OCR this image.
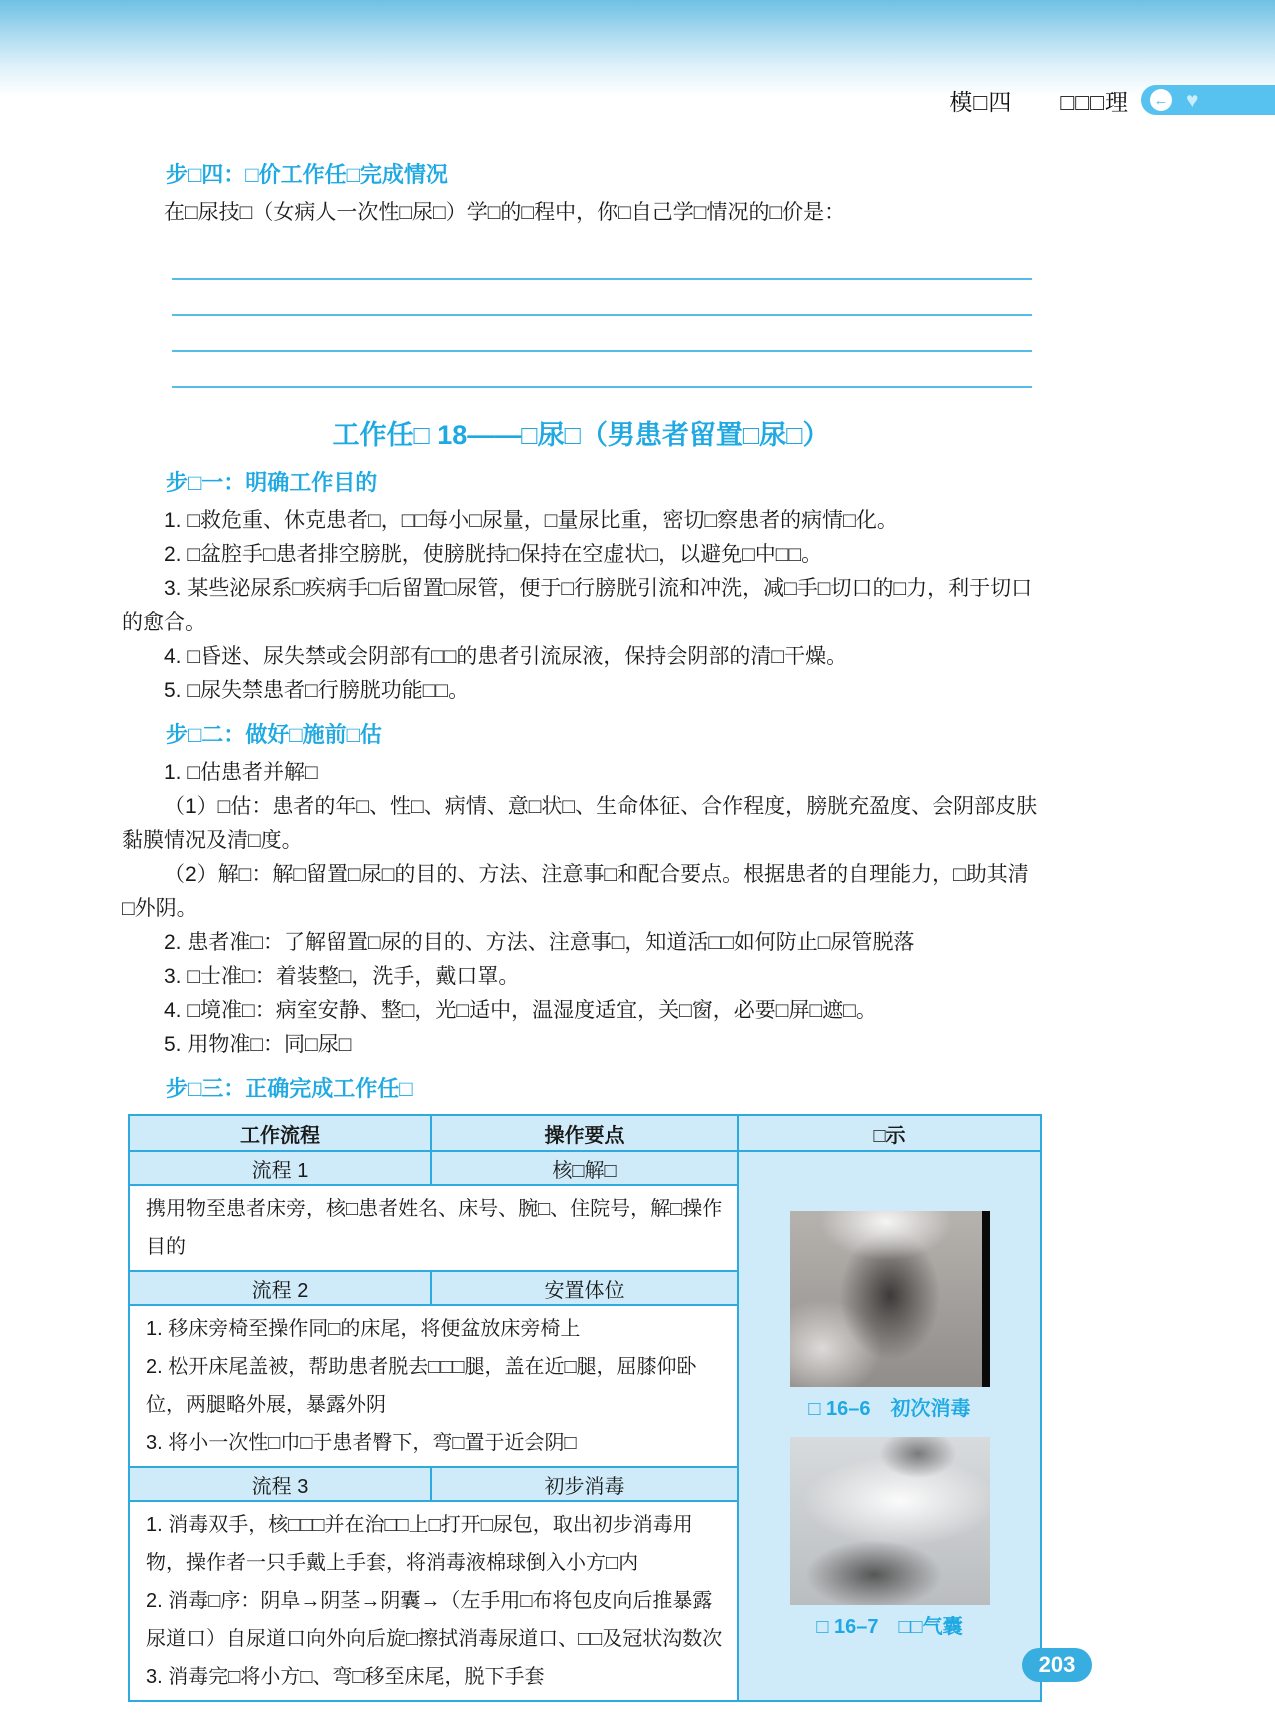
模□四　　□□□理 ← ♥
步□四：□价工作任□完成情况

在□尿技□（女病人一次性□尿□）学□的□程中，你□自己学□情况的□价是：

工作任□ 18——□尿□（男患者留置□尿□）
步□一：明确工作目的

1. □救危重、休克患者□，□□每小□尿量，□量尿比重，密切□察患者的病情□化。

2. □盆腔手□患者排空膀胱，使膀胱持□保持在空虚状□，以避免□中□□。

3. 某些泌尿系□疾病手□后留置□尿管，便于□行膀胱引流和冲洗，减□手□切口的□力，利于切口的愈合。

4. □昏迷、尿失禁或会阴部有□□的患者引流尿液，保持会阴部的清□干燥。

5. □尿失禁患者□行膀胱功能□□。

步□二：做好□施前□估

1. □估患者并解□

（1）□估：患者的年□、性□、病情、意□状□、生命体征、合作程度，膀胱充盈度、会阴部皮肤黏膜情况及清□度。

（2）解□：解□留置□尿□的目的、方法、注意事□和配合要点。根据患者的自理能力，□助其清□外阴。

2. 患者准□：了解留置□尿的目的、方法、注意事□，知道活□□如何防止□尿管脱落

3. □士准□：着装整□，洗手，戴口罩。

4. □境准□：病室安静、整□，光□适中，温湿度适宜，关□窗，必要□屏□遮□。

5. 用物准□：同□尿□

步□三：正确完成工作任□
工作流程	操作要点	□示
流程 1	核□解□	□ 16–6　初次消毒
□ 16–7　□□气囊

携用物至患者床旁，核□患者姓名、床号、腕□、住院号，解□操作目的		

流程 2	安置体位	

1. 移床旁椅至操作同□的床尾，将便盆放床旁椅上

2. 松开床尾盖被，帮助患者脱去□□□腿，盖在近□腿，屈膝仰卧位，两腿略外展，暴露外阴

3. 将小一次性□巾□于患者臀下，弯□置于近会阴□		

流程 3	初步消毒	

1. 消毒双手，核□□□并在治□□上□打开□尿包，取出初步消毒用物，操作者一只手戴上手套，将消毒液棉球倒入小方□内

2. 消毒□序：阴阜→阴茎→阴囊→（左手用□布将包皮向后推暴露尿道口）自尿道口向外向后旋□擦拭消毒尿道口、□□及冠状沟数次

3. 消毒完□将小方□、弯□移至床尾，脱下手套			203
